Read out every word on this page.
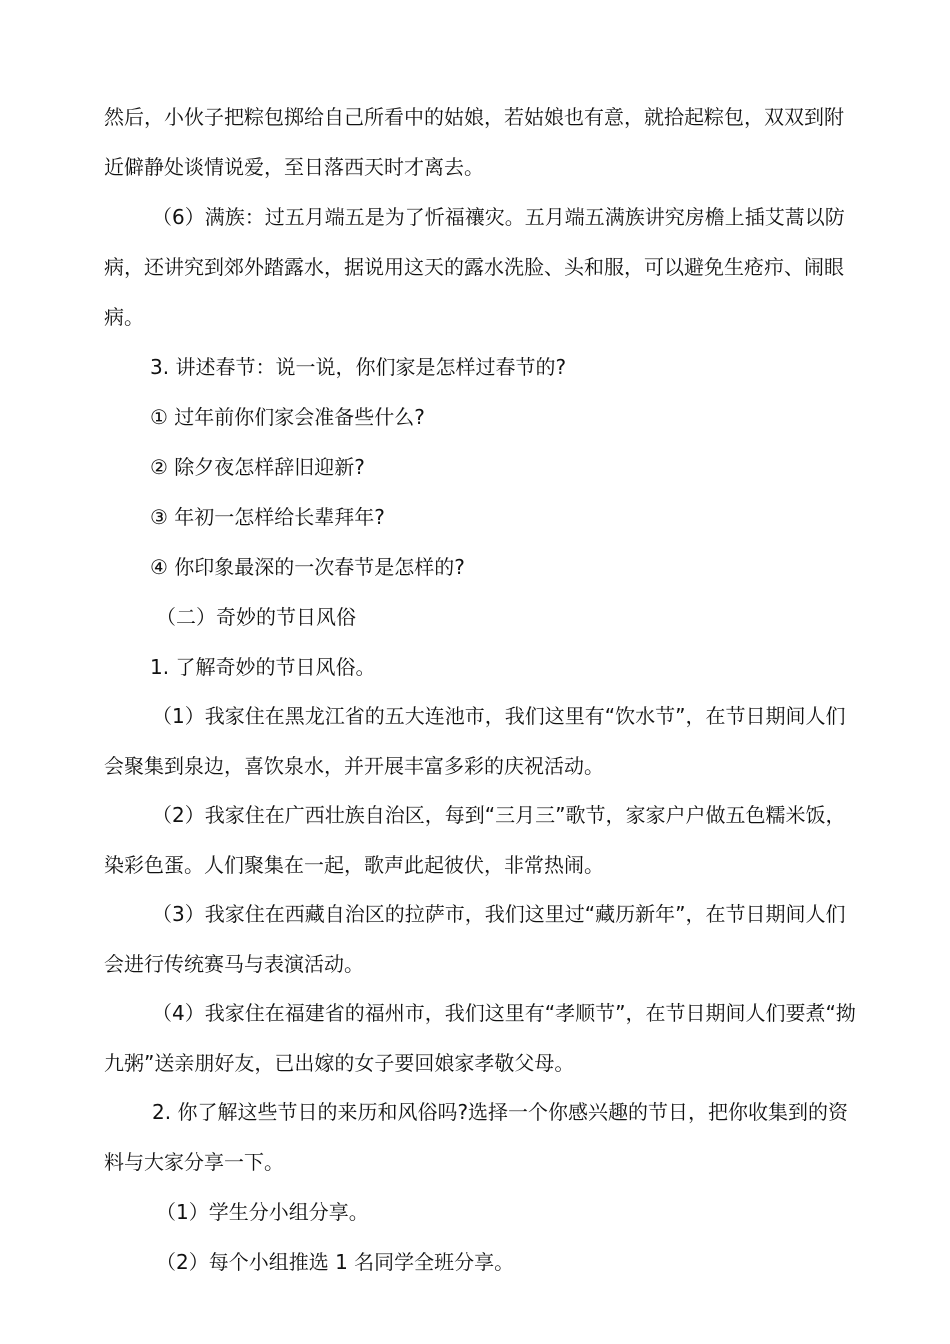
然后，小伙子把粽包掷给自己所看中的姑娘，若姑娘也有意，就拾起粽包，双双到附近僻静处谈情说爱，至日落西天时才离去。
（6）满族：过五月端五是为了忻福禳灾。五月端五满族讲究房檐上插艾蒿以防病，还讲究到郊外踏露水，据说用这天的露水洗脸、头和服，可以避免生疮疖、闹眼病。
3. 讲述春节：说一说，你们家是怎样过春节的?
① 过年前你们家会准备些什么?
② 除夕夜怎样辞旧迎新?
③ 年初一怎样给长辈拜年?
④ 你印象最深的一次春节是怎样的?
（二）奇妙的节日风俗
1. 了解奇妙的节日风俗。
（1）我家住在黑龙江省的五大连池市，我们这里有“饮水节”，在节日期间人们会聚集到泉边，喜饮泉水，并开展丰富多彩的庆祝活动。
（2）我家住在广西壮族自治区，每到“三月三”歌节，家家户户做五色糯米饭，染彩色蛋。人们聚集在一起，歌声此起彼伏，非常热闹。
（3）我家住在西藏自治区的拉萨市，我们这里过“藏历新年”，在节日期间人们会进行传统赛马与表演活动。
（4）我家住在福建省的福州市，我们这里有“孝顺节”，在节日期间人们要煮“拗九粥”送亲朋好友，已出嫁的女子要回娘家孝敬父母。
2. 你了解这些节日的来历和风俗吗?选择一个你感兴趣的节日，把你收集到的资料与大家分享一下。
（1）学生分小组分享。
（2）每个小组推选 1 名同学全班分享。
